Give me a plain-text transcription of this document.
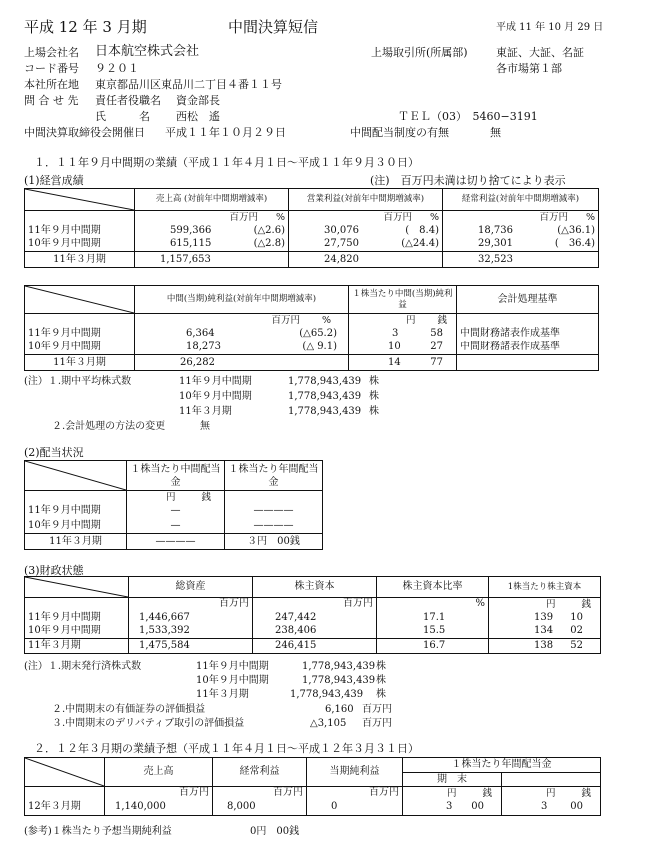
平成 12 年 3 月期	中間決算短信	平成 11 年 10 月 29 日
上場会社名 日本航空株式会社	上場取引所(所属部)	東証、大証、名証
コード番号 ９２０１	各市場第１部
本社所在地 東京都品川区東品川二丁目４番１１号
問 合 せ 先 責任者役職名 資金部長
氏　　　名 西松　遙	ＴＥＬ（03）　5460−3191
中間決算取締役会開催日 平成１１年１０月２９日	中間配当制度の有無	無
１．１１年９月中間期の業績（平成１１年４月１日〜平成１１年９月３０日）
(1)経営成績	(注)　百万円未満は切り捨てにより表示
	売上高 (対前年中間期増減率)	営業利益(対前年中間期増減率)	経常利益(対前年中間期増減率)

	百万円 %	百万円 %	百万円 %

11年９月中間期	599,366 (△2.6)	30,076 (　8.4)	18,736 (△36.1)

10年９月中間期	615,115 (△2.8)	27,750 (△24.4)	29,301 (　36.4)

11年３月期	1,157,653	24,820	32,523
	中間(当期)純利益(対前年中間期増減率)	１株当たり中間(当期)純利益	会計処理基準

	百万円 %	円 銭	

11年９月中間期	6,364 (△65.2)	3 58	中間財務諸表作成基準
10年９月中間期	18,273 (△ 9.1)	10 27	中間財務諸表作成基準
11年３月期	26,282	14 77	

(注）１.期中平均株式数	11年９月中間期	1,778,943,439 株
10年９月中間期	1,778,943,439 株
11年３月期	1,778,943,439 株
２.会計処理の方法の変更	無
(2)配当状況
	１株当たり中間配当金	１株当たり年間配当金

	円 銭	

11年９月中間期	—	————
10年９月中間期	—	————
11年３月期	————	３円　00銭
(3)財政状態
	総資産	株主資本	株主資本比率	1株当たり株主資本
	百万円	百万円	%	円 銭

11年９月中間期	1,446,667	247,442	17.1	139 10

10年９月中間期	1,533,392	238,406	15.5	134 02

11年３月期	1,475,584	246,415	16.7	138 52
(注）１.期末発行済株式数	11年９月中間期	1,778,943,439 株
10年９月中間期	1,778,943,439 株
11年３月期	1,778,943,439 株
２.中間期末の有価証券の評価損益	6,160 百万円
３.中間期末のデリバティブ取引の評価損益	△3,105 百万円
２．１２年３月期の業績予想（平成１１年４月１日〜平成１２年３月３１日）
	売上高	経常利益	当期純利益	１株当たり年間配当金	
				期　末	
	百万円	百万円	百万円	円 銭	円 銭

12年３月期	1,140,000	8,000	0	3 00	3 00
(参考)１株当たり予想当期純利益	0円　00銭
